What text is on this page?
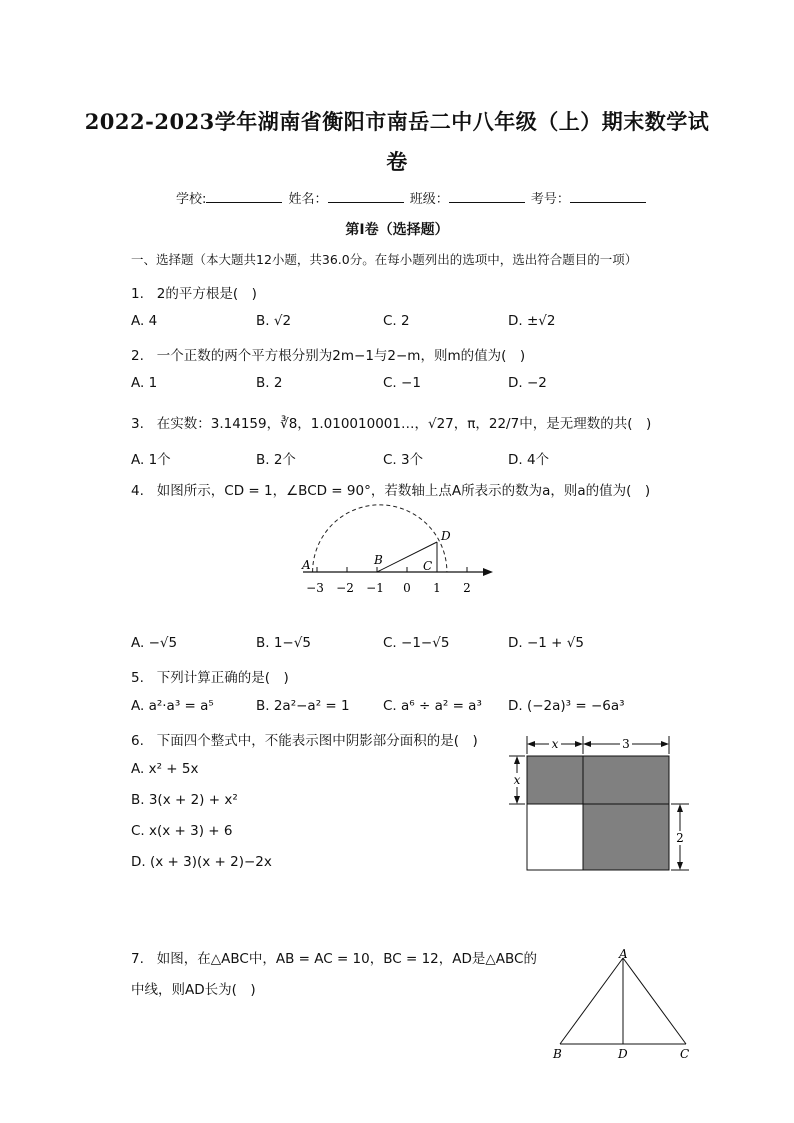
2022-2023学年湖南省衡阳市南岳二中八年级（上）期末数学试
卷
学校:	姓名：	班级：	考号：
第I卷（选择题）
一、选择题（本大题共12小题，共36.0分。在每小题列出的选项中，选出符合题目的一项）
1. 2的平方根是(　)
A. 4	B. √2	C. 2	D. ±√2
2. 一个正数的两个平方根分别为2m−1与2−m，则m的值为(　)
A. 1	B. 2	C. −1	D. −2
3. 在实数：3.14159，∛8，1.010010001…，√27，π，22/7中，是无理数的共(　)
A. 1个	B. 2个	C. 3个	D. 4个
4. 如图所示，CD = 1，∠BCD = 90°，若数轴上点A所表示的数为a，则a的值为(　)
A	B	C
D
−3 −2 −1 0 1 2
A. −√5	B. 1−√5	C. −1−√5	D. −1 + √5
5. 下列计算正确的是(　)
A. a²·a³ = a⁵	B. 2a²−a² = 1 C. a⁶ ÷ a² = a³ D. (−2a)³ = −6a³
6. 下面四个整式中，不能表示图中阴影部分面积的是(　)
A. x² + 5x
B. 3(x + 2) + x²
C. x(x + 3) + 6
D. (x + 3)(x + 2)−2x
x	3
x
2
7. 如图，在△ABC中，AB = AC = 10，BC = 12，AD是△ABC的
中线，则AD长为(　)
A
B	D	C
